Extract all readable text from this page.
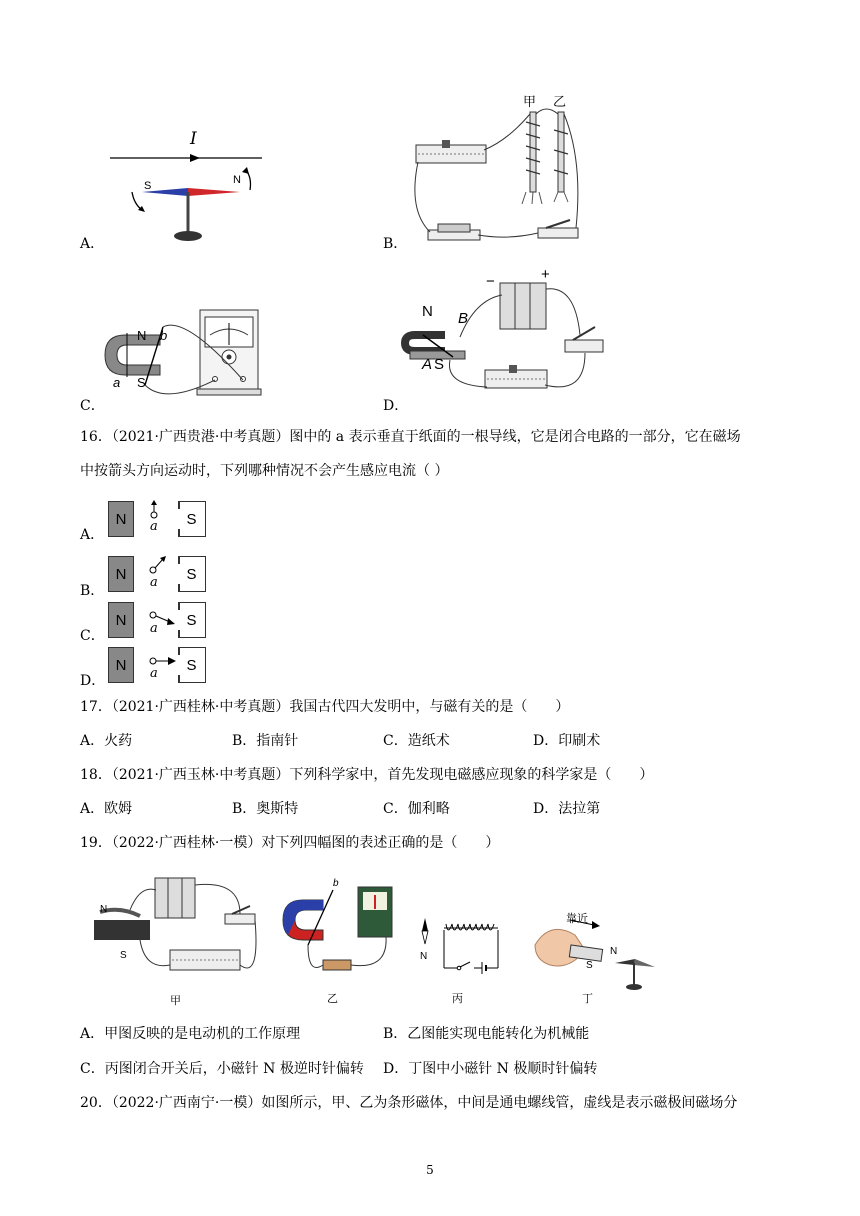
I
S	N
A．
甲 乙
B．
N b
a S
C．
−	+
N B
A S
D．
16．（2021·广西贵港·中考真题）图中的 a 表示垂直于纸面的一根导线，它是闭合电路的一部分，它在磁场
中按箭头方向运动时，下列哪种情况不会产生感应电流（ ）
N	S
a
A．
N	S
a
B．
N	S
a
C．
N	S
a
D．
17．（2021·广西桂林·中考真题）我国古代四大发明中，与磁有关的是（　　）
A．火药	B．指南针	C．造纸术	D．印刷术
18．（2021·广西玉林·中考真题）下列科学家中，首先发现电磁感应现象的科学家是（　　）
A．欧姆	B．奥斯特	C．伽利略	D．法拉第
19．（2022·广西桂林·一模）对下列四幅图的表述正确的是（　　）
N
S
甲
b
乙
N
丙
靠近
S
N
丁
A．甲图反映的是电动机的工作原理	B．乙图能实现电能转化为机械能
C．丙图闭合开关后，小磁针 N 极逆时针偏转 D．丁图中小磁针 N 极顺时针偏转
20．（2022·广西南宁·一模）如图所示，甲、乙为条形磁体，中间是通电螺线管，虚线是表示磁极间磁场分
5
